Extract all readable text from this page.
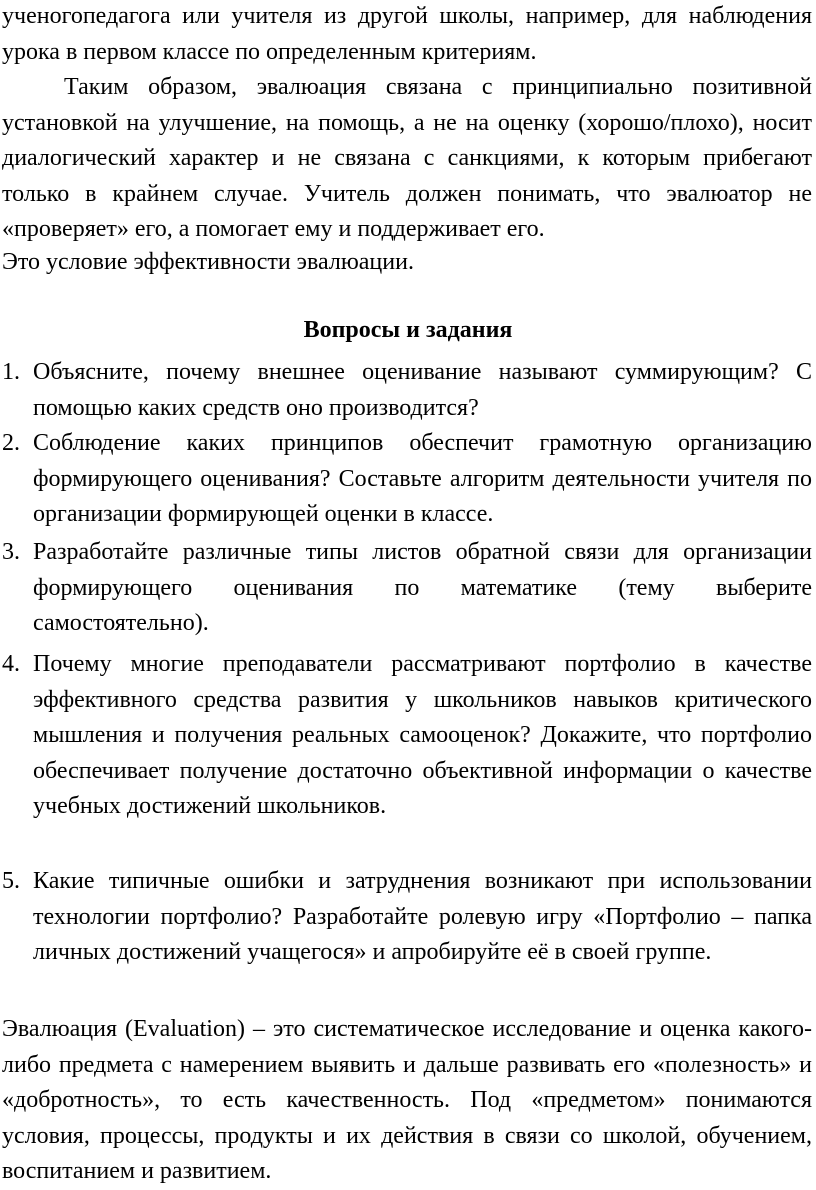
ученогопедагога или учителя из другой школы, например, для наблюдения урока в первом классе по определенным критериям.
Таким образом, эвалюация связана с принципиально позитивной установкой на улучшение, на помощь, а не на оценку (хорошо/плохо), носит диалогический характер и не связана с санкциями, к которым прибегают только в крайнем случае. Учитель должен понимать, что эвалюатор не «проверяет» его, а помогает ему и поддерживает его.
Это условие эффективности эвалюации.
Вопросы и задания
1. Объясните, почему внешнее оценивание называют суммирующим? С помощью каких средств оно производится?
2. Соблюдение каких принципов обеспечит грамотную организацию формирующего оценивания? Составьте алгоритм деятельности учителя по организации формирующей оценки в классе.
3. Разработайте различные типы листов обратной связи для организации формирующего оценивания по математике (тему выберите самостоятельно).
4. Почему многие преподаватели рассматривают портфолио в качестве эффективного средства развития у школьников навыков критического мышления и получения реальных самооценок? Докажите, что портфолио обеспечивает получение достаточно объективной информации о качестве учебных достижений школьников.
5. Какие типичные ошибки и затруднения возникают при использовании технологии портфолио? Разработайте ролевую игру «Портфолио – папка личных достижений учащегося» и апробируйте её в своей группе.
Эвалюация (Evaluation) – это систематическое исследование и оценка какого-либо предмета с намерением выявить и дальше развивать его «полезность» и «добротность», то есть качественность. Под «предметом» понимаются условия, процессы, продукты и их действия в связи со школой, обучением, воспитанием и развитием.
